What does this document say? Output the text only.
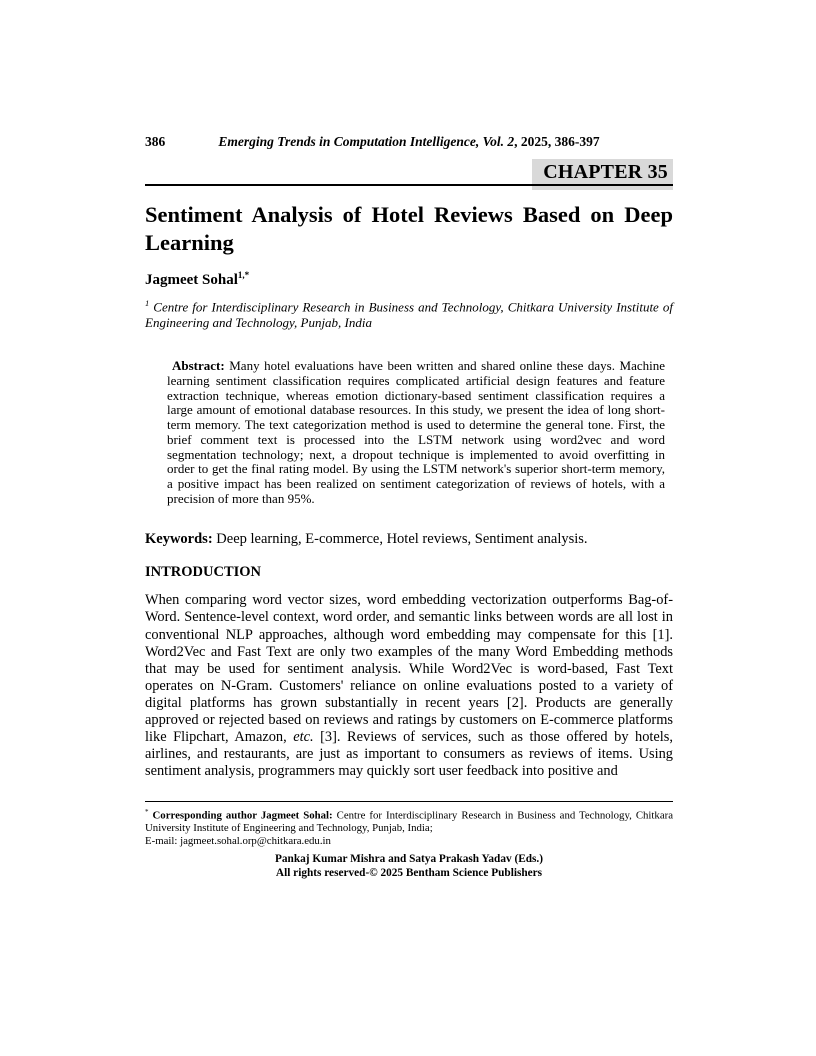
386	Emerging Trends in Computation Intelligence, Vol. 2, 2025, 386-397
CHAPTER 35
Sentiment Analysis of Hotel Reviews Based on Deep Learning
Jagmeet Sohal$^{1,*}$
$^1$ Centre for Interdisciplinary Research in Business and Technology, Chitkara University Institute of Engineering and Technology, Punjab, India
Abstract: Many hotel evaluations have been written and shared online these days. Machine learning sentiment classification requires complicated artificial design features and feature extraction technique, whereas emotion dictionary-based sentiment classification requires a large amount of emotional database resources. In this study, we present the idea of long short-term memory. The text categorization method is used to determine the general tone. First, the brief comment text is processed into the LSTM network using word2vec and word segmentation technology; next, a dropout technique is implemented to avoid overfitting in order to get the final rating model. By using the LSTM network's superior short-term memory, a positive impact has been realized on sentiment categorization of reviews of hotels, with a precision of more than 95%.
Keywords: Deep learning, E-commerce, Hotel reviews, Sentiment analysis.
INTRODUCTION

When comparing word vector sizes, word embedding vectorization outperforms Bag-of-Word. Sentence-level context, word order, and semantic links between words are all lost in conventional NLP approaches, although word embedding may compensate for this [1]. Word2Vec and Fast Text are only two examples of the many Word Embedding methods that may be used for sentiment analysis. While Word2Vec is word-based, Fast Text operates on N-Gram. Customers' reliance on online evaluations posted to a variety of digital platforms has grown substantially in recent years [2]. Products are generally approved or rejected based on reviews and ratings by customers on E-commerce platforms like Flipchart, Amazon, etc. [3]. Reviews of services, such as those offered by hotels, airlines, and restaurants, are just as important to consumers as reviews of items. Using sentiment analysis, programmers may quickly sort user feedback into positive and

* Corresponding author Jagmeet Sohal: Centre for Interdisciplinary Research in Business and Technology, Chitkara University Institute of Engineering and Technology, Punjab, India;
E-mail: jagmeet.sohal.orp@chitkara.edu.in
Pankaj Kumar Mishra and Satya Prakash Yadav (Eds.)
All rights reserved-© 2025 Bentham Science Publishers
